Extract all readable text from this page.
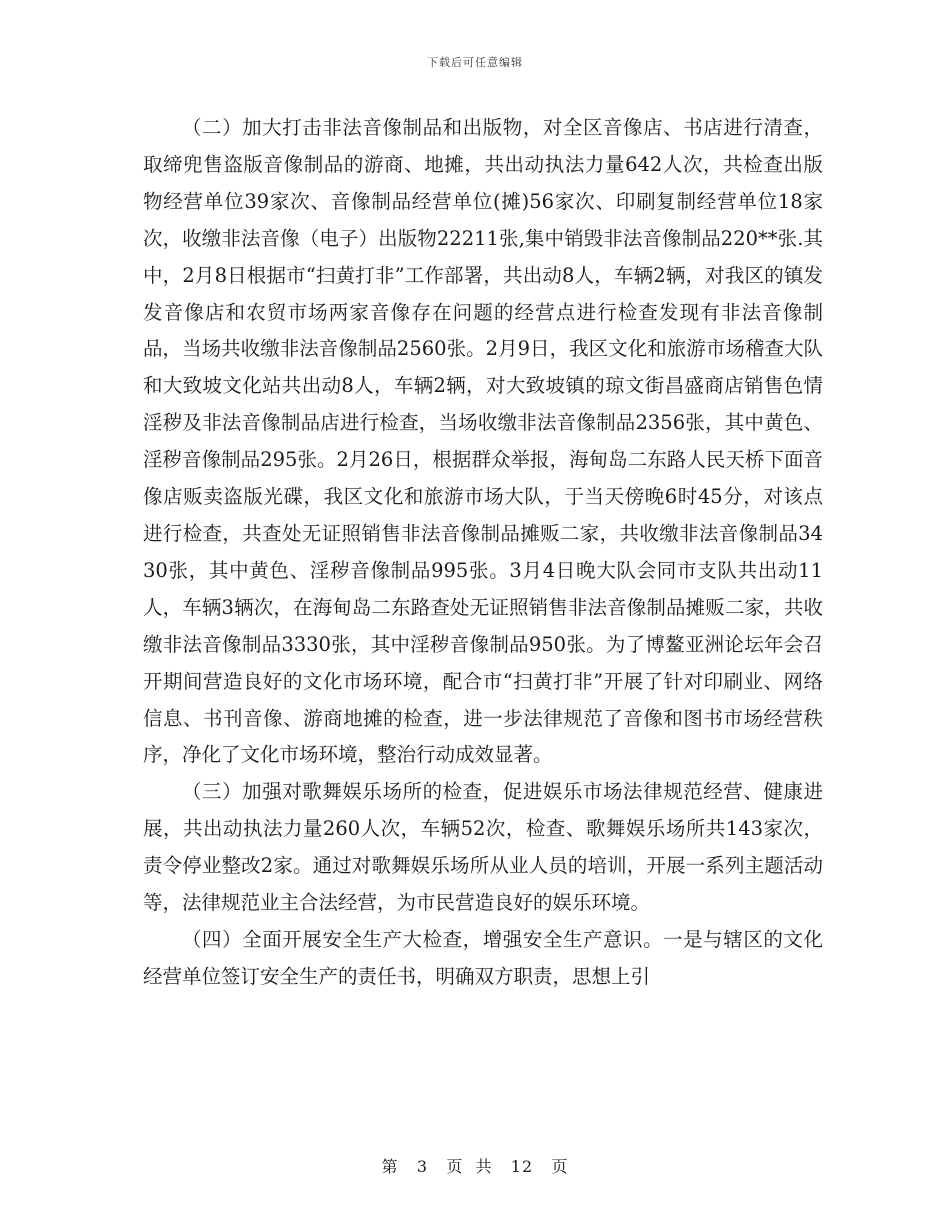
下载后可任意编辑

（二）加大打击非法音像制品和出版物，对全区音像店、书店进行清查，取缔兜售盗版音像制品的游商、地摊，共出动执法力量642人次，共检查出版物经营单位39家次、音像制品经营单位(摊)56家次、印刷复制经营单位18家次，收缴非法音像（电子）出版物22211张,集中销毁非法音像制品220**张.其中，2月8日根据市“扫黄打非”工作部署，共出动8人，车辆2辆，对我区的镇发发音像店和农贸市场两家音像存在问题的经营点进行检查发现有非法音像制品，当场共收缴非法音像制品2560张。2月9日，我区文化和旅游市场稽查大队和大致坡文化站共出动8人，车辆2辆，对大致坡镇的琼文街昌盛商店销售色情淫秽及非法音像制品店进行检查，当场收缴非法音像制品2356张，其中黄色、淫秽音像制品295张。2月26日，根据群众举报，海甸岛二东路人民天桥下面音像店贩卖盗版光碟，我区文化和旅游市场大队，于当天傍晚6时45分，对该点进行检查，共查处无证照销售非法音像制品摊贩二家，共收缴非法音像制品3430张，其中黄色、淫秽音像制品995张。3月4日晚大队会同市支队共出动11人，车辆3辆次，在海甸岛二东路查处无证照销售非法音像制品摊贩二家，共收缴非法音像制品3330张，其中淫秽音像制品950张。为了博鳌亚洲论坛年会召开期间营造良好的文化市场环境，配合市“扫黄打非”开展了针对印刷业、网络信息、书刊音像、游商地摊的检查，进一步法律规范了音像和图书市场经营秩序，净化了文化市场环境，整治行动成效显著。

（三）加强对歌舞娱乐场所的检查，促进娱乐市场法律规范经营、健康进展，共出动执法力量260人次，车辆52次，检查、歌舞娱乐场所共143家次，责令停业整改2家。通过对歌舞娱乐场所从业人员的培训，开展一系列主题活动等，法律规范业主合法经营，为市民营造良好的娱乐环境。

（四）全面开展安全生产大检查，增强安全生产意识。一是与辖区的文化经营单位签订安全生产的责任书，明确双方职责，思想上引

第 3 页  共 12 页
